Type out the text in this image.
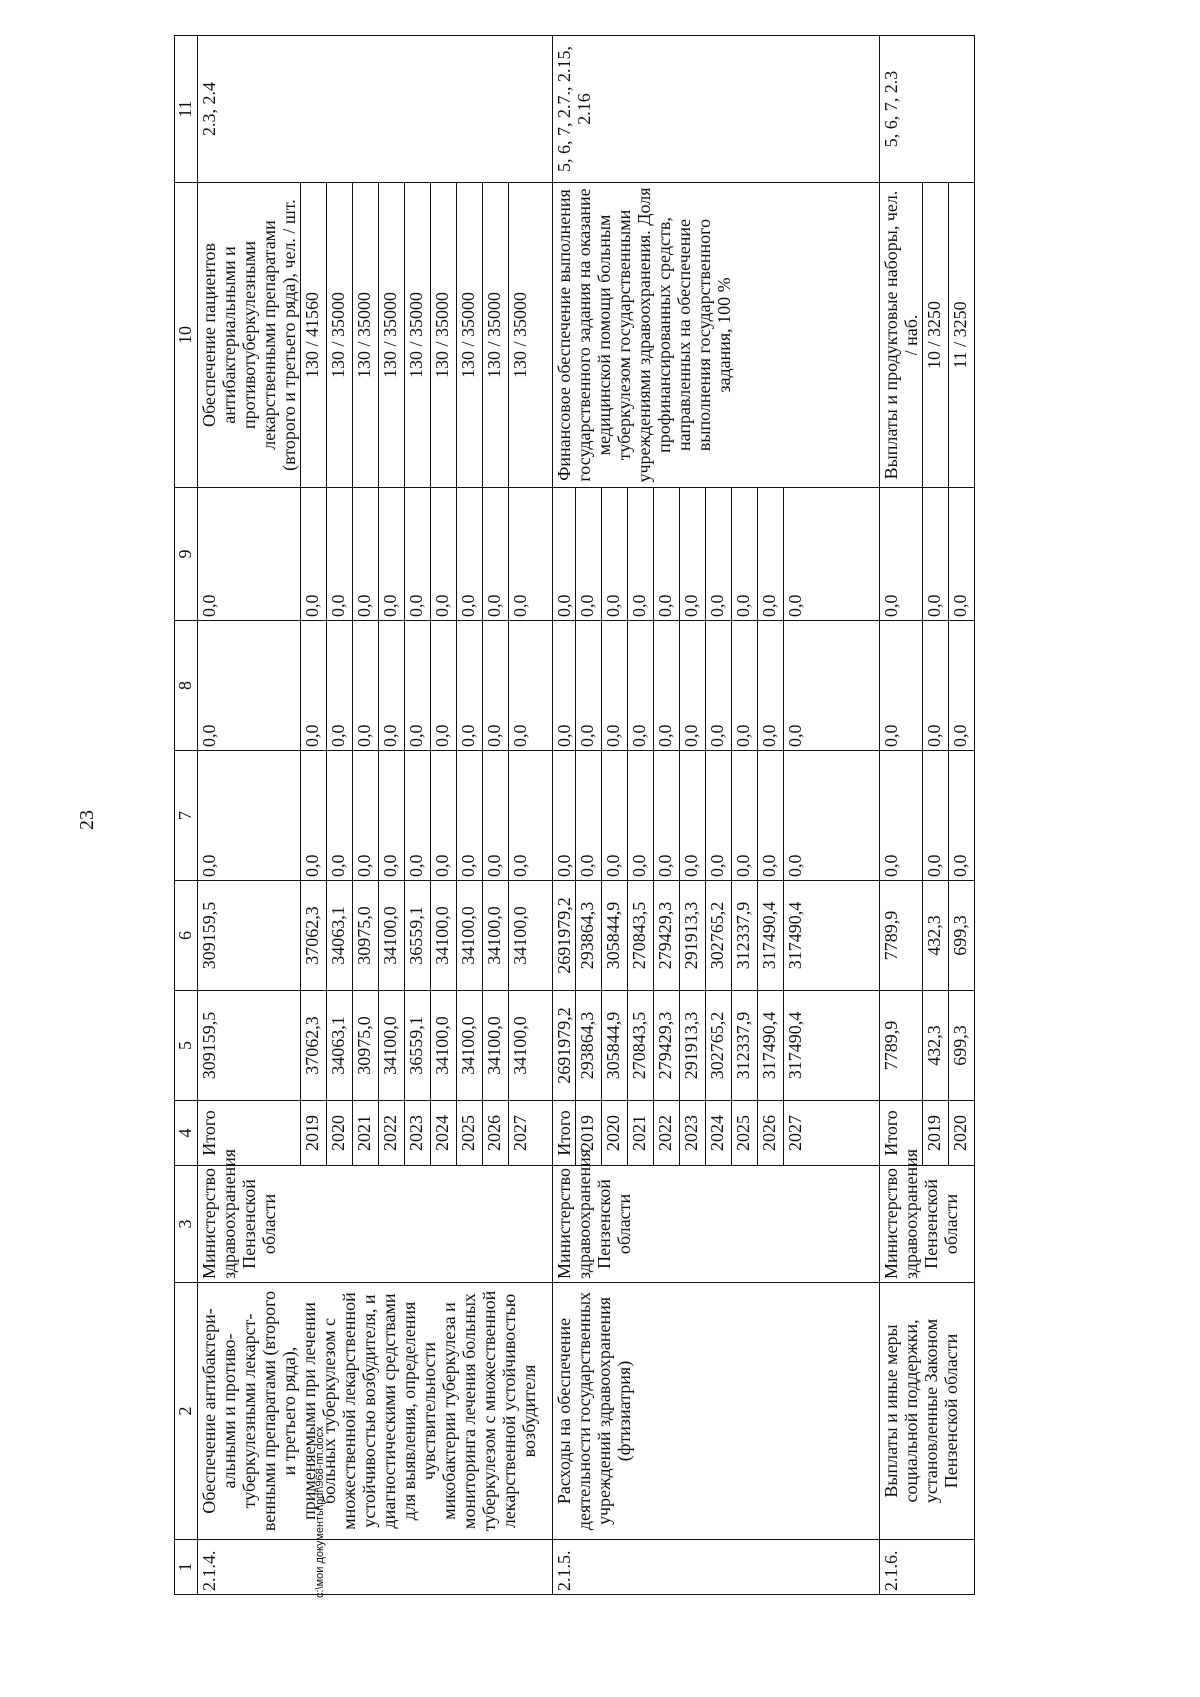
23
c:\мои документы\pdf\968-пп.docx
1	2	3	4	5	6	7	8	9	10	11
2.1.4.	Обеспечение антибактериальными и противотуберкулезными лекарственными препаратами (второго и третьего ряда), применяемыми при лечении больных туберкулезом с множественной лекарственной устойчивостью возбудителя, и диагностическими средствами для выявления, определения чувствительности микобактерии туберкулеза и мониторинга лечения больных туберкулезом с множественной лекарственной устойчивостью возбудителя	Министерство здравоохранения Пензенской области	Итого	309159,5	309159,5	0,0	0,0	0,0	Обеспечение пациентов антибактериальными и противотуберкулезными лекарственными препаратами (второго и третьего ряда), чел. / шт.	2.3, 2.4
			2019	37062,3	37062,3	0,0	0,0	0,0	130 / 41560	
			2020	34063,1	34063,1	0,0	0,0	0,0	130 / 35000	
			2021	30975,0	30975,0	0,0	0,0	0,0	130 / 35000	
			2022	34100,0	34100,0	0,0	0,0	0,0	130 / 35000	
			2023	36559,1	36559,1	0,0	0,0	0,0	130 / 35000	
			2024	34100,0	34100,0	0,0	0,0	0,0	130 / 35000	
			2025	34100,0	34100,0	0,0	0,0	0,0	130 / 35000	
			2026	34100,0	34100,0	0,0	0,0	0,0	130 / 35000	
			2027	34100,0	34100,0	0,0	0,0	0,0	130 / 35000	
2.1.5.	Расходы на обеспечение деятельности государственных учреждений здравоохранения (фтизиатрия)	Министерство здравоохранения Пензенской области	Итого	2691979,2	2691979,2	0,0	0,0	0,0	Финансовое обеспечение выполнения государственного задания на оказание медицинской помощи больным туберкулезом государственными учреждениями здравоохранения. Доля профинансированных средств, направленных на обеспечение выполнения государственного задания, 100 %	5, 6, 7, 2.7., 2.15, 2.16
			2019	293864,3	293864,3	0,0	0,0	0,0		
			2020	305844,9	305844,9	0,0	0,0	0,0		
			2021	270843,5	270843,5	0,0	0,0	0,0		
			2022	279429,3	279429,3	0,0	0,0	0,0		
			2023	291913,3	291913,3	0,0	0,0	0,0		
			2024	302765,2	302765,2	0,0	0,0	0,0		
			2025	312337,9	312337,9	0,0	0,0	0,0		
			2026	317490,4	317490,4	0,0	0,0	0,0		
			2027	317490,4	317490,4	0,0	0,0	0,0		
2.1.6.	Выплаты и иные меры социальной поддержки, установленные Законом Пензенской области	Министерство здравоохранения Пензенской области	Итого	7789,9	7789,9	0,0	0,0	0,0	Выплаты и продуктовые наборы, чел. / наб.	5, 6, 7, 2.3
			2019	432,3	432,3	0,0	0,0	0,0	10 / 3250	
			2020	699,3	699,3	0,0	0,0	0,0	11 / 3250	
